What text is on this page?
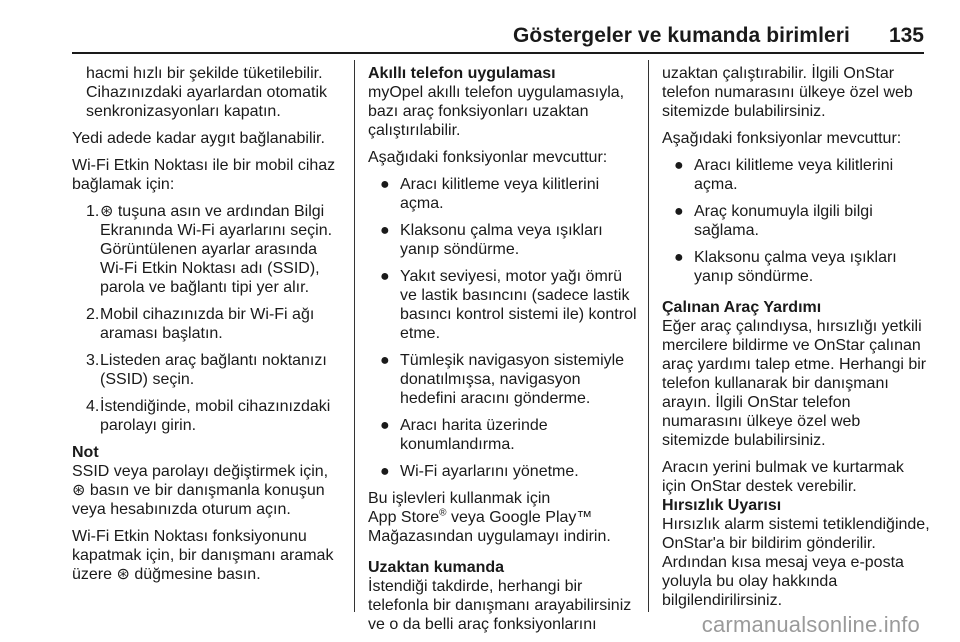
Göstergeler ve kumanda birimleri 135

hacmi hızlı bir şekilde tüketilebilir.
Cihazınızdaki ayarlardan otomatik
senkronizasyonları kapatın.

Yedi adede kadar aygıt bağlanabilir.

Wi-Fi Etkin Noktası ile bir mobil cihaz bağlamak için:

1. ⊛ tuşuna asın ve ardından Bilgi Ekranında Wi-Fi ayarlarını seçin. Görüntülenen ayarlar arasında Wi-Fi Etkin Noktası adı (SSID), parola ve bağlantı tipi yer alır.
2. Mobil cihazınızda bir Wi-Fi ağı araması başlatın.
3. Listeden araç bağlantı noktanızı (SSID) seçin.
4. İstendiğinde, mobil cihazınızdaki parolayı girin.

Not
SSID veya parolayı değiştirmek için, ⊛ basın ve bir danışmanla konuşun veya hesabınızda oturum açın.

Wi-Fi Etkin Noktası fonksiyonunu kapatmak için, bir danışmanı aramak üzere ⊛ düğmesine basın.

Akıllı telefon uygulaması

myOpel akıllı telefon uygulamasıyla, bazı araç fonksiyonları uzaktan çalıştırılabilir.

Aşağıdaki fonksiyonlar mevcuttur:

● Aracı kilitleme veya kilitlerini açma.
● Klaksonu çalma veya ışıkları yanıp söndürme.
● Yakıt seviyesi, motor yağı ömrü ve lastik basıncını (sadece lastik basıncı kontrol sistemi ile) kontrol etme.
● Tümleşik navigasyon sistemiyle donatılmışsa, navigasyon hedefini aracını gönderme.
● Aracı harita üzerinde konumlandırma.
● Wi-Fi ayarlarını yönetme.

Bu işlevleri kullanmak için
App Store® veya Google Play™
Mağazasından uygulamayı indirin.

Uzaktan kumanda

İstendiği takdirde, herhangi bir telefonla bir danışmanı arayabilirsiniz ve o da belli araç fonksiyonlarını

uzaktan çalıştırabilir. İlgili OnStar telefon numarasını ülkeye özel web sitemizde bulabilirsiniz.

Aşağıdaki fonksiyonlar mevcuttur:

● Aracı kilitleme veya kilitlerini açma.
● Araç konumuyla ilgili bilgi sağlama.
● Klaksonu çalma veya ışıkları yanıp söndürme.

Çalınan Araç Yardımı

Eğer araç çalındıysa, hırsızlığı yetkili mercilere bildirme ve OnStar çalınan araç yardımı talep etme. Herhangi bir telefon kullanarak bir danışmanı arayın. İlgili OnStar telefon numarasını ülkeye özel web sitemizde bulabilirsiniz.

Aracın yerini bulmak ve kurtarmak için OnStar destek verebilir.

Hırsızlık Uyarısı

Hırsızlık alarm sistemi tetiklendiğinde, OnStar'a bir bildirim gönderilir. Ardından kısa mesaj veya e-posta yoluyla bu olay hakkında bilgilendirilirsiniz.

carmanualsonline.info
